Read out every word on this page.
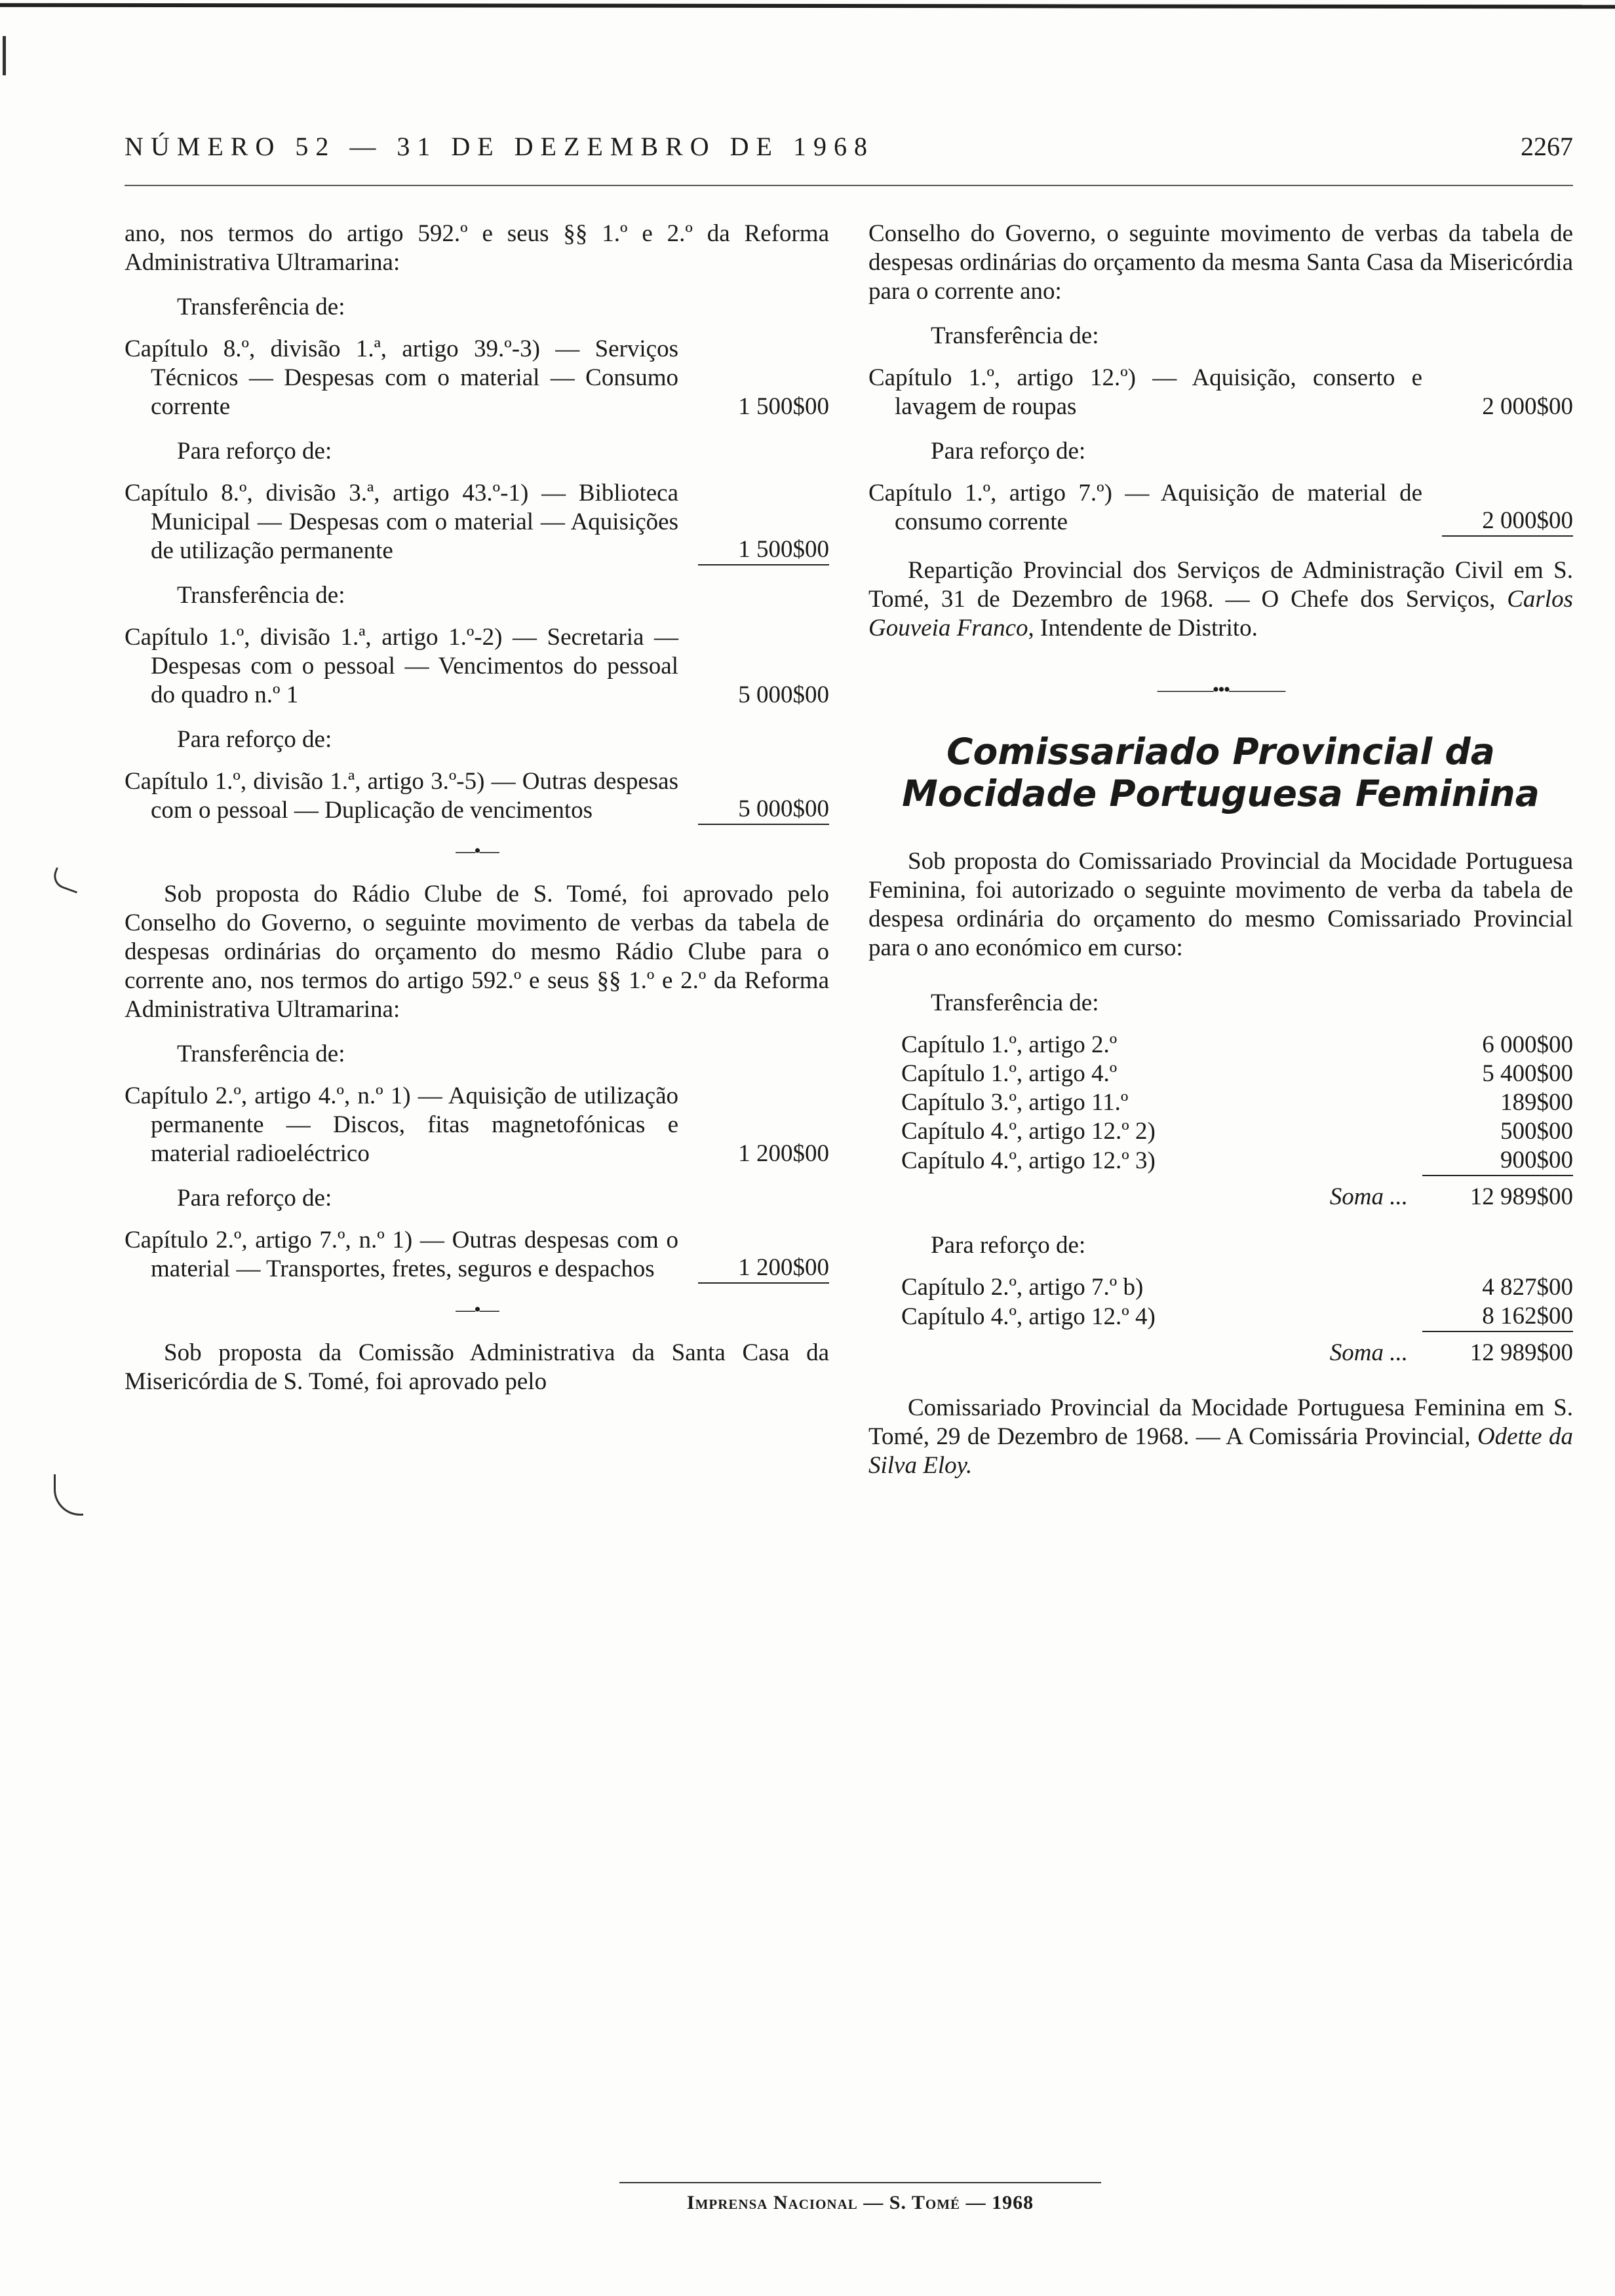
NÚMERO 52 — 31 DE DEZEMBRO DE 1968	2267

ano, nos termos do artigo 592.º e seus §§ 1.º e 2.º da Reforma Administrativa Ultramarina:

Transferência de:

Capítulo 8.º, divisão 1.ª, artigo 39.º-3) — Serviços Técnicos — Despesas com o material — Consumo corrente	1 500$00

Para reforço de:

Capítulo 8.º, divisão 3.ª, artigo 43.º-1) — Biblioteca Municipal — Despesas com o material — Aquisições de utilização permanente	1 500$00

Transferência de:

Capítulo 1.º, divisão 1.ª, artigo 1.º-2) — Secretaria — Despesas com o pessoal — Vencimentos do pessoal do quadro n.º 1	5 000$00

Para reforço de:

Capítulo 1.º, divisão 1.ª, artigo 3.º-5) — Outras despesas com o pessoal — Duplicação de vencimentos	5 000$00
—•—

Sob proposta do Rádio Clube de S. Tomé, foi aprovado pelo Conselho do Governo, o seguinte movimento de verbas da tabela de despesas ordinárias do orçamento do mesmo Rádio Clube para o corrente ano, nos termos do artigo 592.º e seus §§ 1.º e 2.º da Reforma Administrativa Ultramarina:

Transferência de:

Capítulo 2.º, artigo 4.º, n.º 1) — Aquisição de utilização permanente — Discos, fitas magnetofónicas e material radioeléctrico	1 200$00

Para reforço de:

Capítulo 2.º, artigo 7.º, n.º 1) — Outras despesas com o material — Transportes, fretes, seguros e despachos	1 200$00
—•—

Sob proposta da Comissão Administrativa da Santa Casa da Misericórdia de S. Tomé, foi aprovado pelo

Conselho do Governo, o seguinte movimento de verbas da tabela de despesas ordinárias do orçamento da mesma Santa Casa da Misericórdia para o corrente ano:

Transferência de:

Capítulo 1.º, artigo 12.º) — Aquisição, conserto e lavagem de roupas	2 000$00

Para reforço de:

Capítulo 1.º, artigo 7.º) — Aquisição de material de consumo corrente	2 000$00

Repartição Provincial dos Serviços de Administração Civil em S. Tomé, 31 de Dezembro de 1968. — O Chefe dos Serviços, Carlos Gouveia Franco, Intendente de Distrito.

———•••———
Comissariado Provincial da Mocidade Portuguesa Feminina

Sob proposta do Comissariado Provincial da Mocidade Portuguesa Feminina, foi autorizado o seguinte movimento de verba da tabela de despesa ordinária do orçamento do mesmo Comissariado Provincial para o ano económico em curso:

Transferência de:

Capítulo 1.º, artigo 2.º	6 000$00
Capítulo 1.º, artigo 4.º	5 400$00
Capítulo 3.º, artigo 11.º	189$00
Capítulo 4.º, artigo 12.º 2)	500$00
Capítulo 4.º, artigo 12.º 3)	900$00
Soma ...	12 989$00

Para reforço de:

Capítulo 2.º, artigo 7.º b)	4 827$00
Capítulo 4.º, artigo 12.º 4)	8 162$00
Soma ...	12 989$00

Comissariado Provincial da Mocidade Portuguesa Feminina em S. Tomé, 29 de Dezembro de 1968. — A Comissária Provincial, Odette da Silva Eloy.

Imprensa Nacional — S. Tomé — 1968
